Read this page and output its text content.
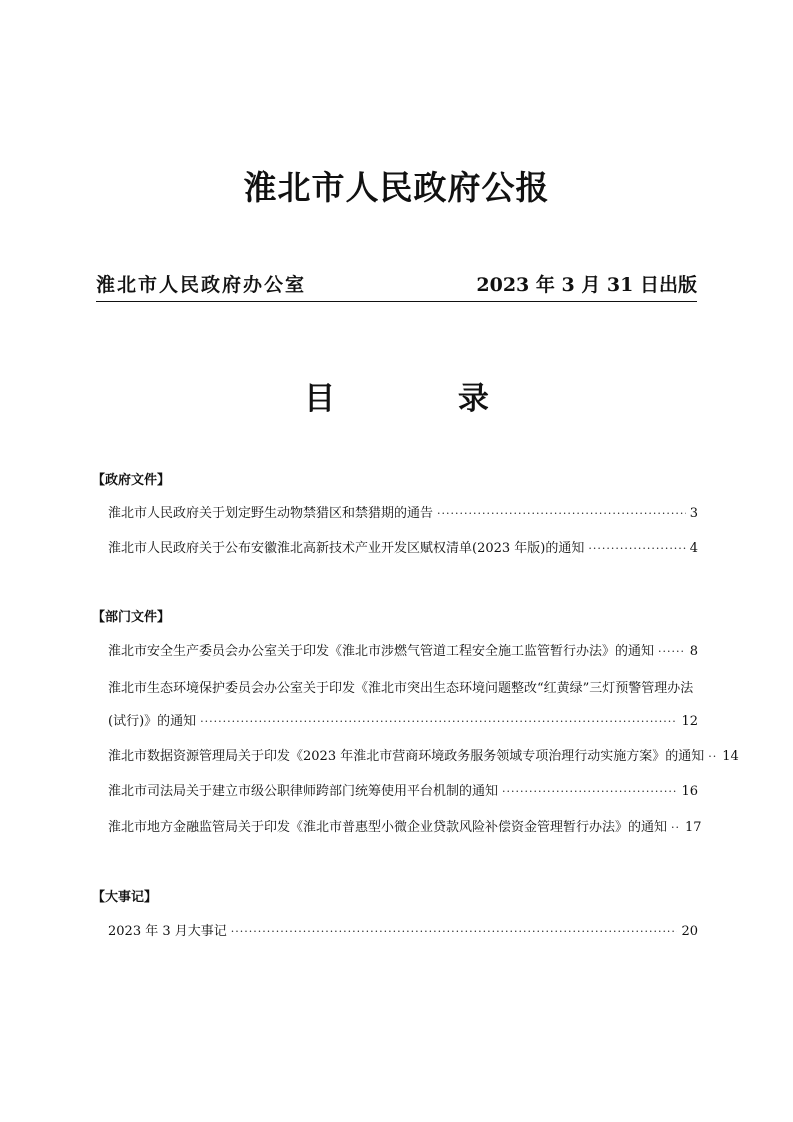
淮北市人民政府公报
淮北市人民政府办公室	2023 年 3 月 31 日出版
目 录
【政府文件】
淮北市人民政府关于划定野生动物禁猎区和禁猎期的通告 ·····	3
淮北市人民政府关于公布安徽淮北高新技术产业开发区赋权清单(2023 年版)的通知 ·····	4
【部门文件】
淮北市安全生产委员会办公室关于印发《淮北市涉燃气管道工程安全施工监管暂行办法》的通知 ·····	8
淮北市生态环境保护委员会办公室关于印发《淮北市突出生态环境问题整改“红黄绿”三灯预警管理办法
(试行)》的通知 ·····	12
淮北市数据资源管理局关于印发《2023 年淮北市营商环境政务服务领域专项治理行动实施方案》的通知 ····· 14
淮北市司法局关于建立市级公职律师跨部门统筹使用平台机制的通知 ·····	16
淮北市地方金融监管局关于印发《淮北市普惠型小微企业贷款风险补偿资金管理暂行办法》的通知 ····· 17
【大事记】
2023 年 3 月大事记 ·····	20
